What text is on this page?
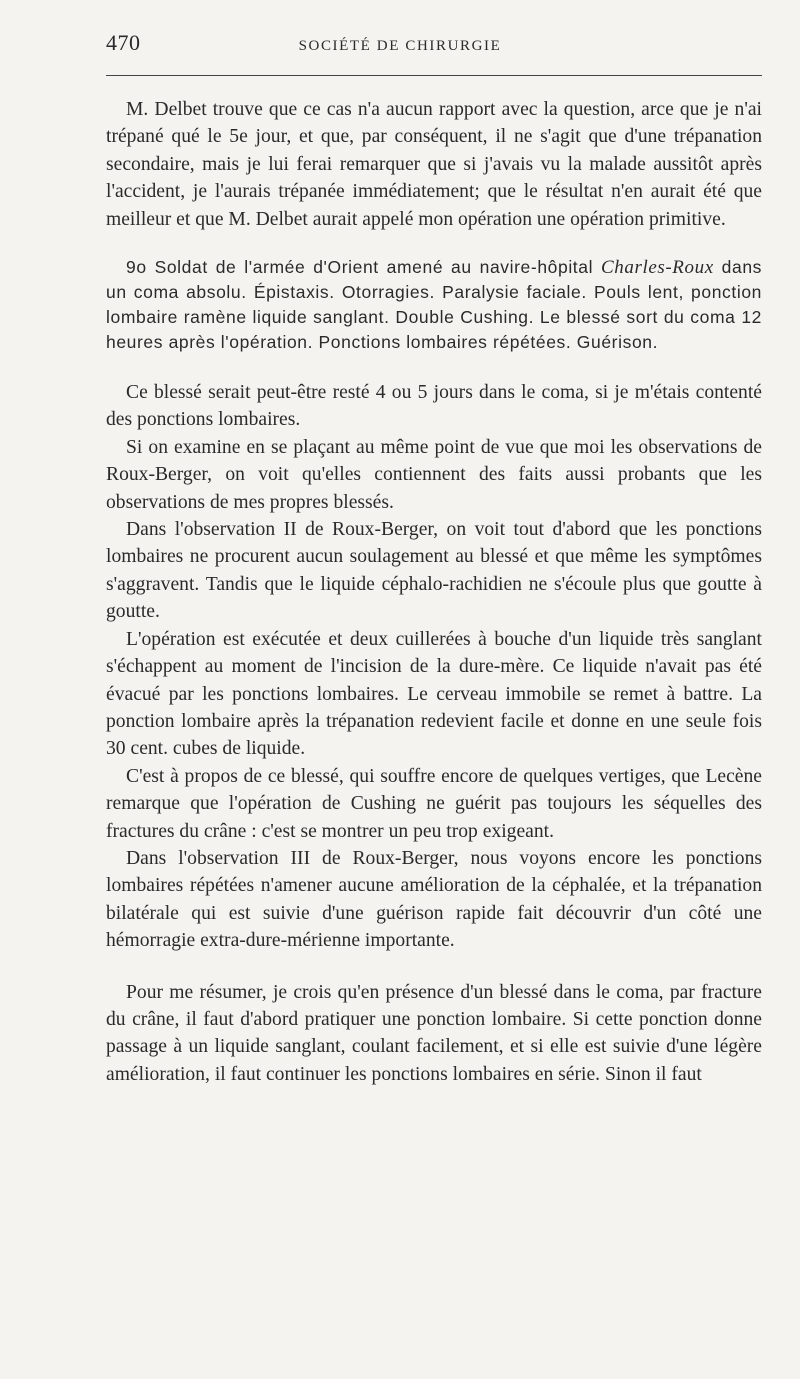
470	SOCIÉTÉ DE CHIRURGIE

M. Delbet trouve que ce cas n'a aucun rapport avec la question, arce que je n'ai trépané qué le 5e jour, et que, par conséquent, il ne s'agit que d'une trépanation secondaire, mais je lui ferai remarquer que si j'avais vu la malade aussitôt après l'accident, je l'aurais trépanée immédiatement; que le résultat n'en aurait été que meilleur et que M. Delbet aurait appelé mon opération une opération primitive.

9o Soldat de l'armée d'Orient amené au navire-hôpital Charles-Roux dans un coma absolu. Épistaxis. Otorragies. Paralysie faciale. Pouls lent, ponction lombaire ramène liquide sanglant. Double Cushing. Le blessé sort du coma 12 heures après l'opération. Ponctions lombaires répétées. Guérison.

Ce blessé serait peut-être resté 4 ou 5 jours dans le coma, si je m'étais contenté des ponctions lombaires.

Si on examine en se plaçant au même point de vue que moi les observations de Roux-Berger, on voit qu'elles contiennent des faits aussi probants que les observations de mes propres blessés.

Dans l'observation II de Roux-Berger, on voit tout d'abord que les ponctions lombaires ne procurent aucun soulagement au blessé et que même les symptômes s'aggravent. Tandis que le liquide céphalo-rachidien ne s'écoule plus que goutte à goutte.

L'opération est exécutée et deux cuillerées à bouche d'un liquide très sanglant s'échappent au moment de l'incision de la dure-mère. Ce liquide n'avait pas été évacué par les ponctions lombaires. Le cerveau immobile se remet à battre. La ponction lombaire après la trépanation redevient facile et donne en une seule fois 30 cent. cubes de liquide.

C'est à propos de ce blessé, qui souffre encore de quelques vertiges, que Lecène remarque que l'opération de Cushing ne guérit pas toujours les séquelles des fractures du crâne : c'est se montrer un peu trop exigeant.

Dans l'observation III de Roux-Berger, nous voyons encore les ponctions lombaires répétées n'amener aucune amélioration de la céphalée, et la trépanation bilatérale qui est suivie d'une guérison rapide fait découvrir d'un côté une hémorragie extra-dure-mérienne importante.

Pour me résumer, je crois qu'en présence d'un blessé dans le coma, par fracture du crâne, il faut d'abord pratiquer une ponction lombaire. Si cette ponction donne passage à un liquide sanglant, coulant facilement, et si elle est suivie d'une légère amélioration, il faut continuer les ponctions lombaires en série. Sinon il faut
